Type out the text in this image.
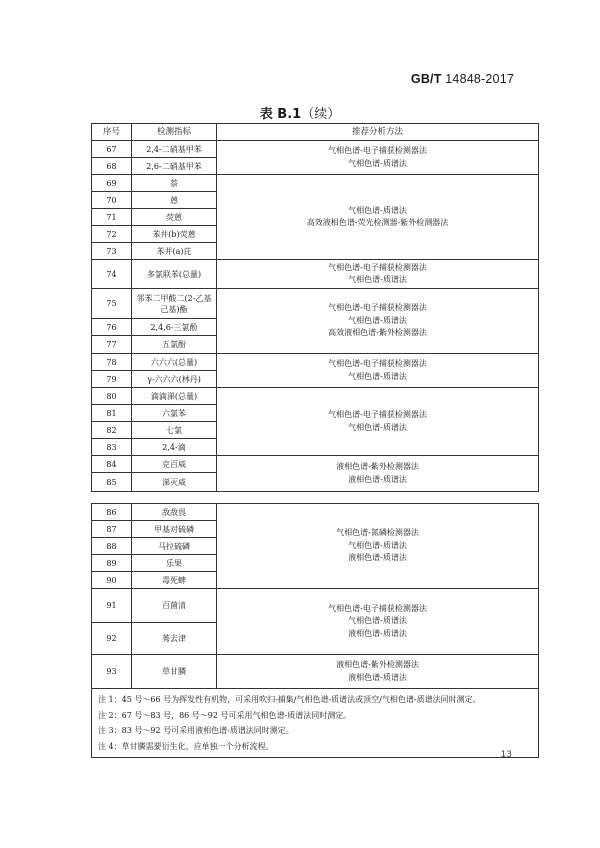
GB/T 14848-2017
表 B.1（续）
序号	检测指标	推荐分析方法
67	2,4-二硝基甲苯	气相色谱-电子捕获检测器法
气相色谱-质谱法

68	2,6-二硝基甲苯	
69	萘	气相色谱-质谱法
高效液相色谱-荧光检测器-紫外检测器法

70	蒽	
71	荧蒽	
72	苯并(b)荧蒽	
73	苯并(a)芘	
74	多氯联苯(总量)	气相色谱-电子捕获检测器法
气相色谱-质谱法

75	邻苯二甲酸二(2-乙基己基)酯	气相色谱-电子捕获检测器法
气相色谱-质谱法
高效液相色谱-紫外检测器法

76	2,4,6-三氯酚	
77	五氯酚	
78	六六六(总量)	气相色谱-电子捕获检测器法
气相色谱-质谱法

79	γ-六六六(林丹)	
80	滴滴涕(总量)	气相色谱-电子捕获检测器法
气相色谱-质谱法

81	六氯苯	
82	七氯	
83	2,4-滴	
84	克百威	液相色谱-紫外检测器法
液相色谱-质谱法

85	涕灭威	
86	敌敌畏	气相色谱-氮磷检测器法
气相色谱-质谱法
液相色谱-质谱法

87	甲基对硫磷	
88	马拉硫磷	
89	乐果	
90	毒死蜱	
91	百菌清	气相色谱-电子捕获检测器法
气相色谱-质谱法
液相色谱-质谱法

92	莠去津	
93	草甘膦	液相色谱-紫外检测器法
液相色谱-质谱法

注 1：45 号～66 号为挥发性有机物，可采用吹扫-捕集/气相色谱-质谱法或顶空/气相色谱-质谱法同时测定。
注 2：67 号～83 号，86 号～92 号可采用气相色谱-质谱法同时测定。
注 3：83 号～92 号可采用液相色谱-质谱法同时测定。
注 4：草甘膦需要衍生化，应单独一个分析流程。		
13
